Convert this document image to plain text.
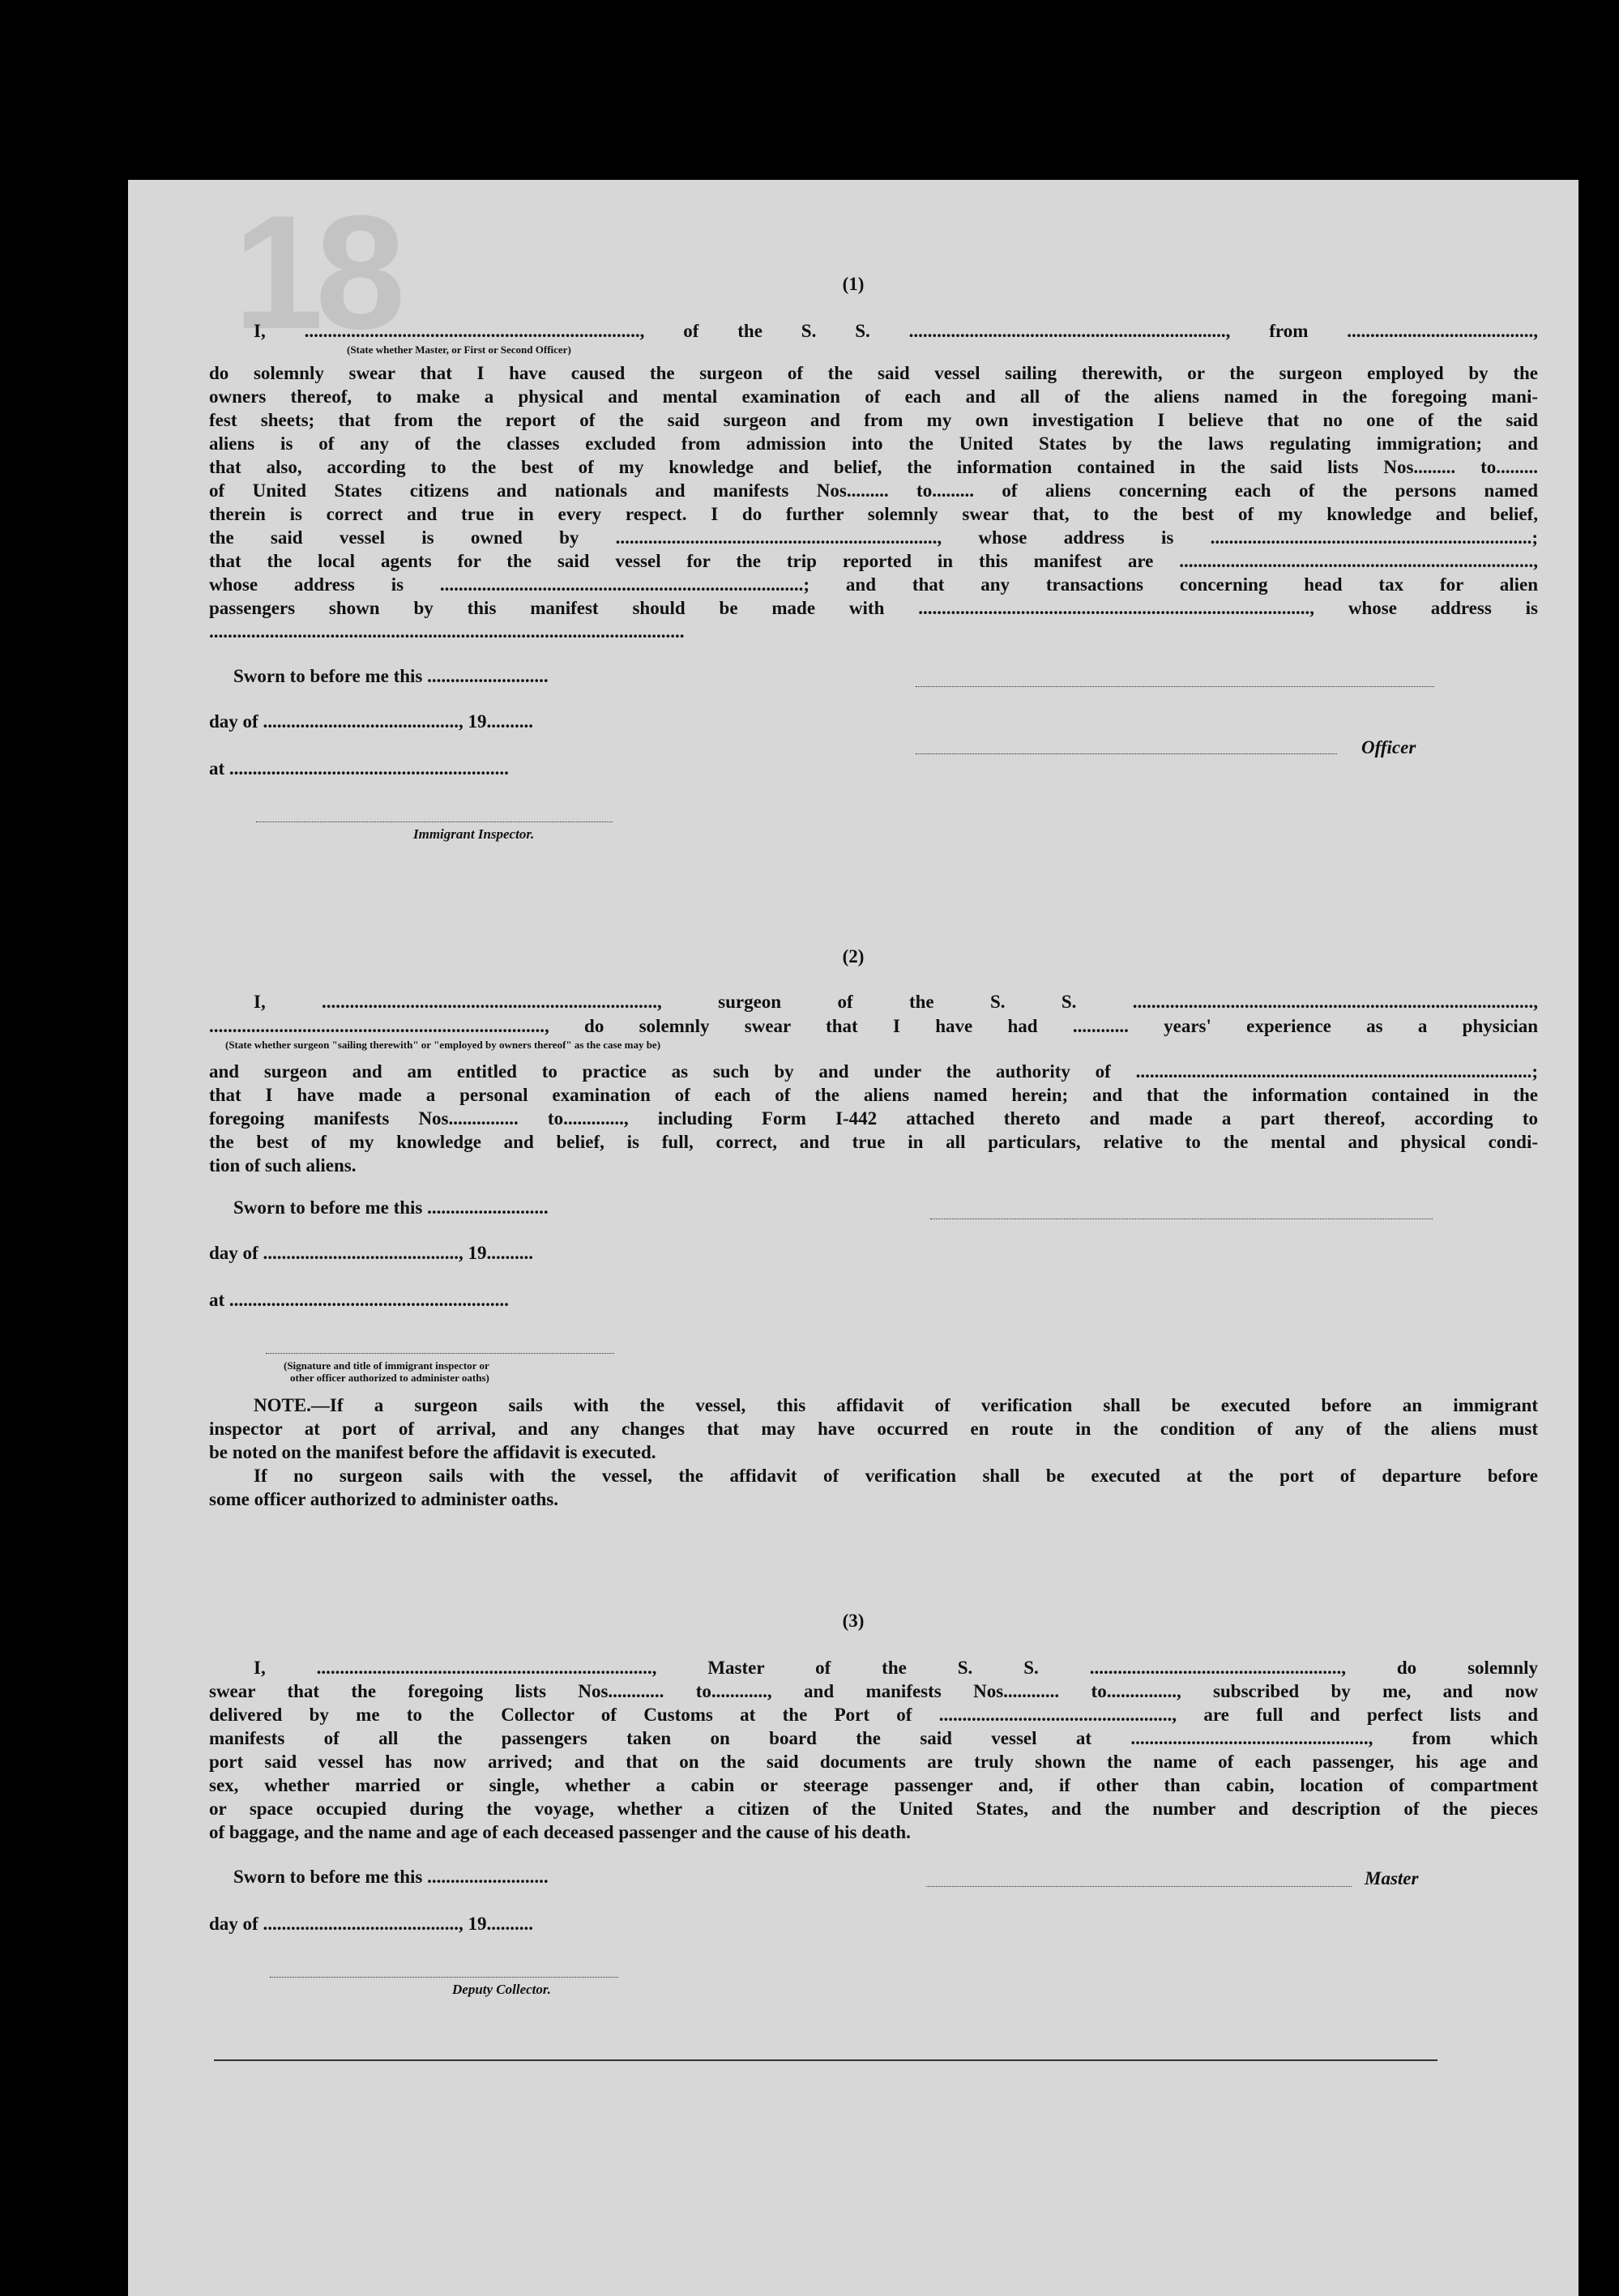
18	(1)
I, ........................................................................, of the S. S. ...................................................................., from ........................................,
(State whether Master, or First or Second Officer)
do solemnly swear that I have caused the surgeon of the said vessel sailing therewith, or the surgeon employed by the
owners thereof, to make a physical and mental examination of each and all of the aliens named in the foregoing mani-
fest sheets; that from the report of the said surgeon and from my own investigation I believe that no one of the said
aliens is of any of the classes excluded from admission into the United States by the laws regulating immigration; and
that also, according to the best of my knowledge and belief, the information contained in the said lists Nos......... to.........
of United States citizens and nationals and manifests Nos......... to......... of aliens concerning each of the persons named
therein is correct and true in every respect. I do further solemnly swear that, to the best of my knowledge and belief,
the said vessel is owned by ....................................................................., whose address is .....................................................................;
that the local agents for the said vessel for the trip reported in this manifest are ............................................................................,
whose address is ..............................................................................; and that any transactions concerning head tax for alien
passengers shown by this manifest should be made with ...................................................................................., whose address is
......................................................................................................
Sworn to before me this ..........................
day of .........................................., 19..........
Officer
at ............................................................
Immigrant Inspector.
(2)
I, ........................................................................, surgeon of the S. S. ......................................................................................,
........................................................................, do solemnly swear that I have had ............ years' experience as a physician
(State whether surgeon "sailing therewith" or "employed by owners thereof" as the case may be)
and surgeon and am entitled to practice as such by and under the authority of .....................................................................................;
that I have made a personal examination of each of the aliens named herein; and that the information contained in the
foregoing manifests Nos............... to............., including Form I-442 attached thereto and made a part thereof, according to
the best of my knowledge and belief, is full, correct, and true in all particulars, relative to the mental and physical condi-
tion of such aliens.
Sworn to before me this ..........................
day of .........................................., 19..........
at ............................................................
(Signature and title of immigrant inspector or
other officer authorized to administer oaths)
NOTE.—If a surgeon sails with the vessel, this affidavit of verification shall be executed before an immigrant
inspector at port of arrival, and any changes that may have occurred en route in the condition of any of the aliens must
be noted on the manifest before the affidavit is executed.
If no surgeon sails with the vessel, the affidavit of verification shall be executed at the port of departure before
some officer authorized to administer oaths.
(3)
I, ........................................................................, Master of the S. S. ......................................................, do solemnly
swear that the foregoing lists Nos............ to............, and manifests Nos............ to..............., subscribed by me, and now
delivered by me to the Collector of Customs at the Port of .................................................., are full and perfect lists and
manifests of all the passengers taken on board the said vessel at ..................................................., from which
port said vessel has now arrived; and that on the said documents are truly shown the name of each passenger, his age and
sex, whether married or single, whether a cabin or steerage passenger and, if other than cabin, location of compartment
or space occupied during the voyage, whether a citizen of the United States, and the number and description of the pieces
of baggage, and the name and age of each deceased passenger and the cause of his death.
Sworn to before me this ..........................	Master
day of .........................................., 19..........
Deputy Collector.
